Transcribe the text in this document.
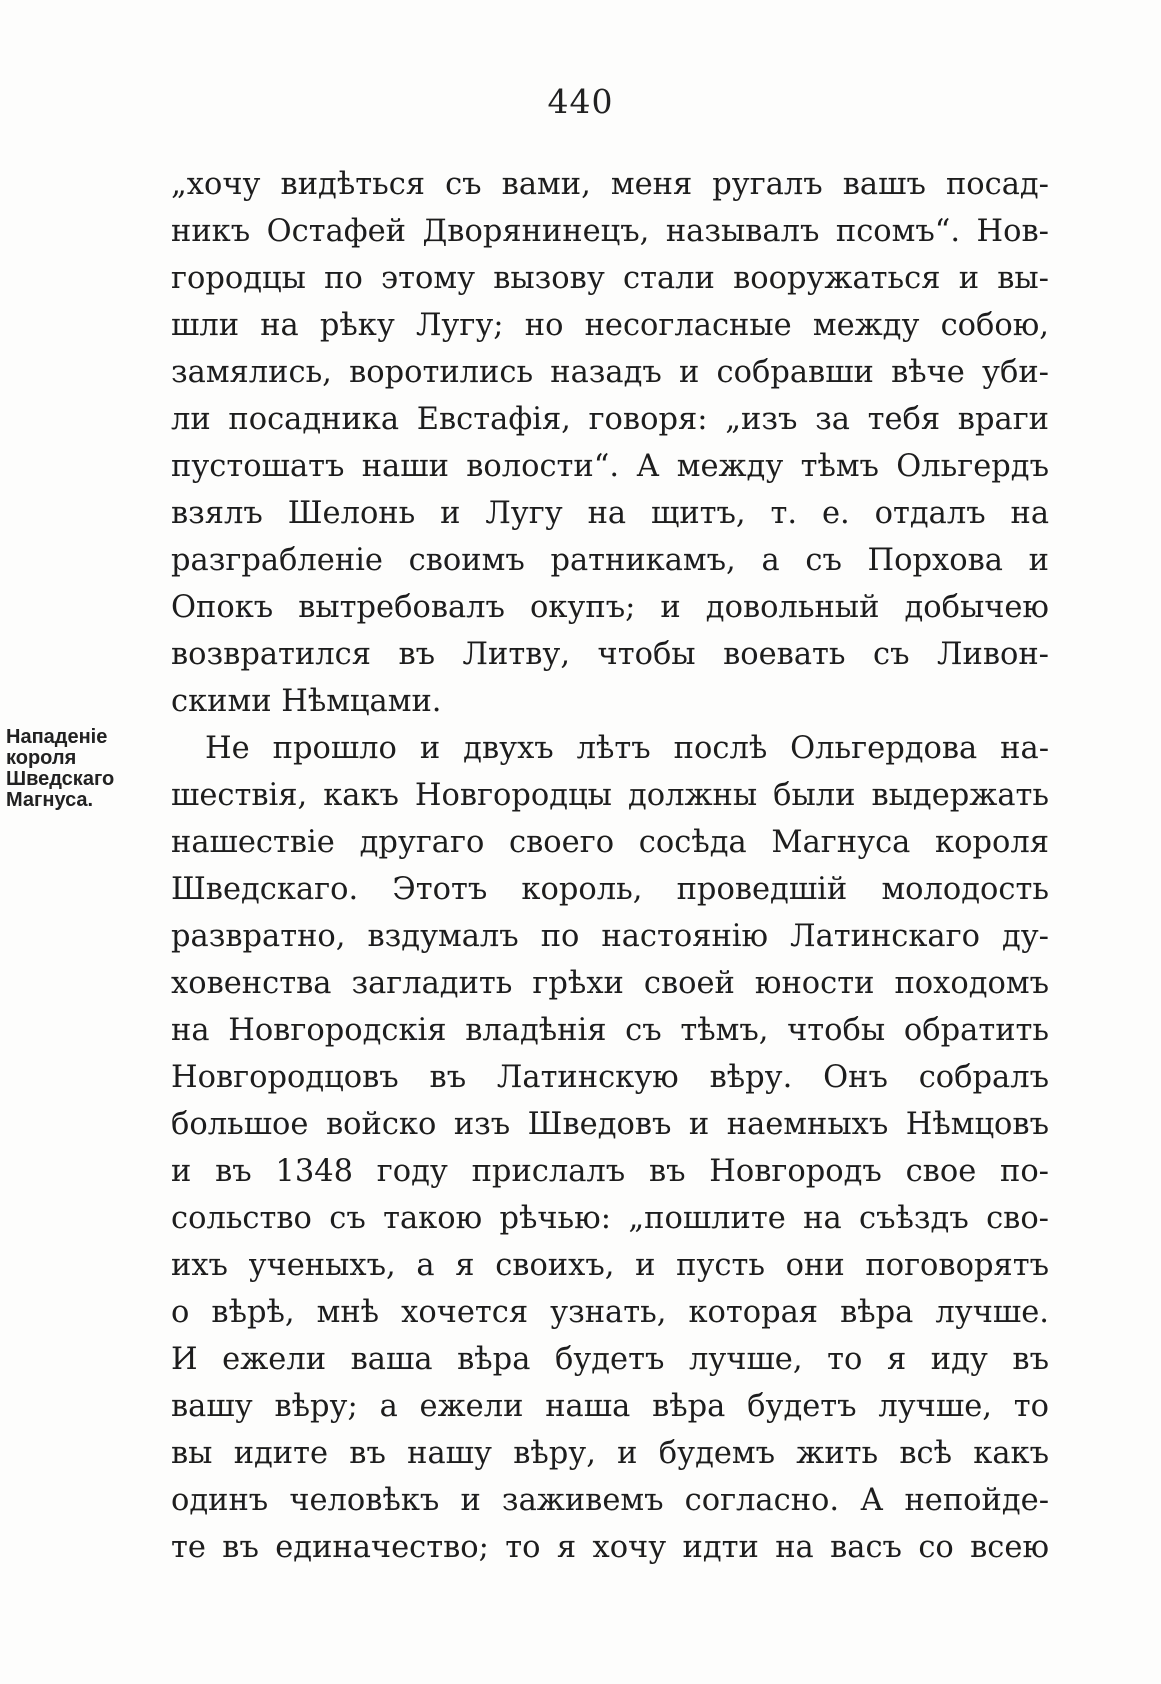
440
Нападеніе
короля
Шведскаго
Магнуса.
„хочу видѣться съ вами, меня ругалъ вашъ посад-
никъ Остафей Дворянинецъ, называлъ псомъ“. Нов-
городцы по этому вызову стали вооружаться и вы-
шли на рѣку Лугу; но несогласные между собою,
замялись, воротились назадъ и собравши вѣче уби-
ли посадника Евстафія, говоря: „изъ за тебя враги
пустошатъ наши волости“. А между тѣмъ Ольгердъ
взялъ Шелонь и Лугу на щитъ, т. е. отдалъ на
разграбленіе своимъ ратникамъ, а съ Порхова и
Опокъ вытребовалъ окупъ; и довольный добычею
возвратился въ Литву, чтобы воевать съ Ливон-
скими Нѣмцами.
Не прошло и двухъ лѣтъ послѣ Ольгердова на-
шествія, какъ Новгородцы должны были выдержать
нашествіе другаго своего сосѣда Магнуса короля
Шведскаго. Этотъ король, проведшій молодость
развратно, вздумалъ по настоянію Латинскаго ду-
ховенства загладить грѣхи своей юности походомъ
на Новгородскія владѣнія съ тѣмъ, чтобы обратить
Новгородцовъ въ Латинскую вѣру. Онъ собралъ
большое войско изъ Шведовъ и наемныхъ Нѣмцовъ
и въ 1348 году прислалъ въ Новгородъ свое по-
сольство съ такою рѣчью: „пошлите на съѣздъ сво-
ихъ ученыхъ, а я своихъ, и пусть они поговорятъ
о вѣрѣ, мнѣ хочется узнать, которая вѣра лучше.
И ежели ваша вѣра будетъ лучше, то я иду въ
вашу вѣру; а ежели наша вѣра будетъ лучше, то
вы идите въ нашу вѣру, и будемъ жить всѣ какъ
одинъ человѣкъ и заживемъ согласно. А непойде-
те въ единачество; то я хочу идти на васъ со всею
